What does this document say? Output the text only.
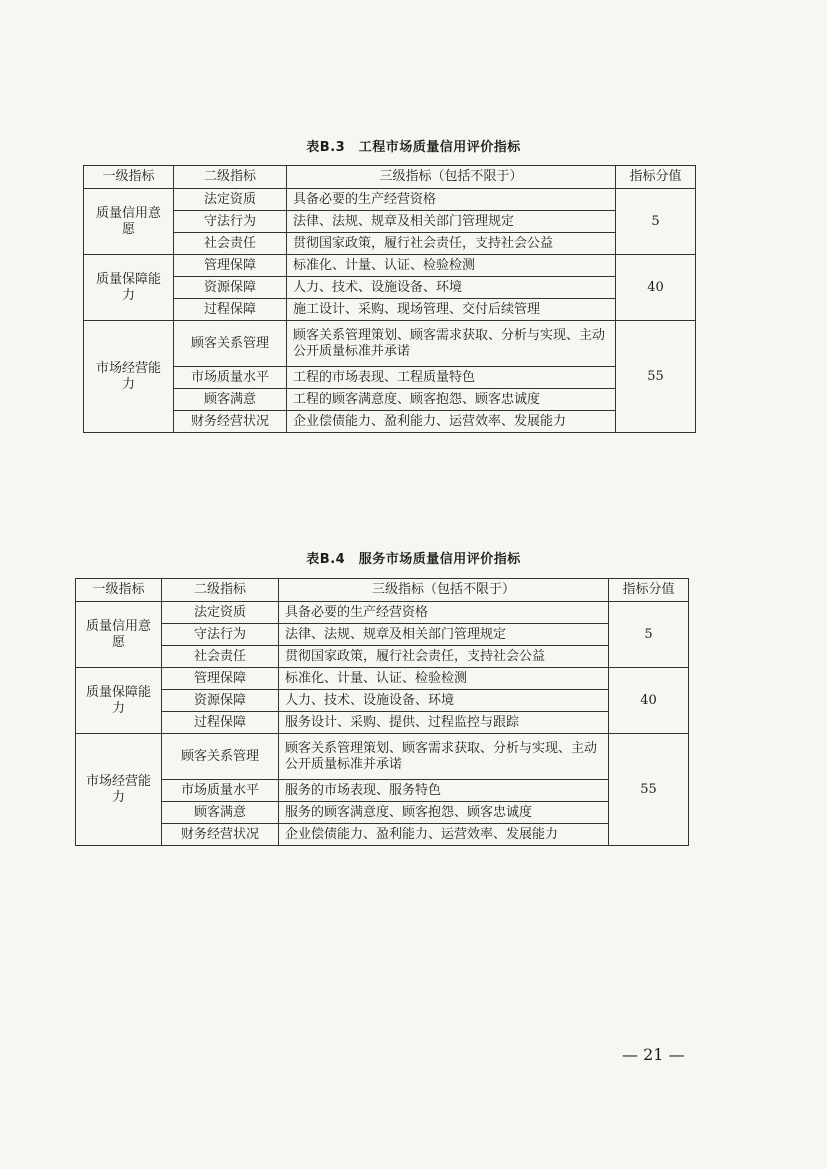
表B.3　工程市场质量信用评价指标
一级指标	二级指标	三级指标（包括不限于）	指标分值
质量信用意愿	法定资质	具备必要的生产经营资格	5
	守法行为	法律、法规、规章及相关部门管理规定	
	社会责任	贯彻国家政策，履行社会责任，支持社会公益	
质量保障能力	管理保障	标准化、计量、认证、检验检测	40
	资源保障	人力、技术、设施设备、环境	
	过程保障	施工设计、采购、现场管理、交付后续管理	
市场经营能力	顾客关系管理	顾客关系管理策划、顾客需求获取、分析与实现、主动公开质量标准并承诺	55
	市场质量水平	工程的市场表现、工程质量特色	
	顾客满意	工程的顾客满意度、顾客抱怨、顾客忠诚度	
	财务经营状况	企业偿债能力、盈利能力、运营效率、发展能力	
表B.4　服务市场质量信用评价指标
一级指标	二级指标	三级指标（包括不限于）	指标分值
质量信用意愿	法定资质	具备必要的生产经营资格	5
	守法行为	法律、法规、规章及相关部门管理规定	
	社会责任	贯彻国家政策，履行社会责任，支持社会公益	
质量保障能力	管理保障	标准化、计量、认证、检验检测	40
	资源保障	人力、技术、设施设备、环境	
	过程保障	服务设计、采购、提供、过程监控与跟踪	
市场经营能力	顾客关系管理	顾客关系管理策划、顾客需求获取、分析与实现、主动公开质量标准并承诺	55
	市场质量水平	服务的市场表现、服务特色	
	顾客满意	服务的顾客满意度、顾客抱怨、顾客忠诚度	
	财务经营状况	企业偿债能力、盈利能力、运营效率、发展能力	
— 21 —
